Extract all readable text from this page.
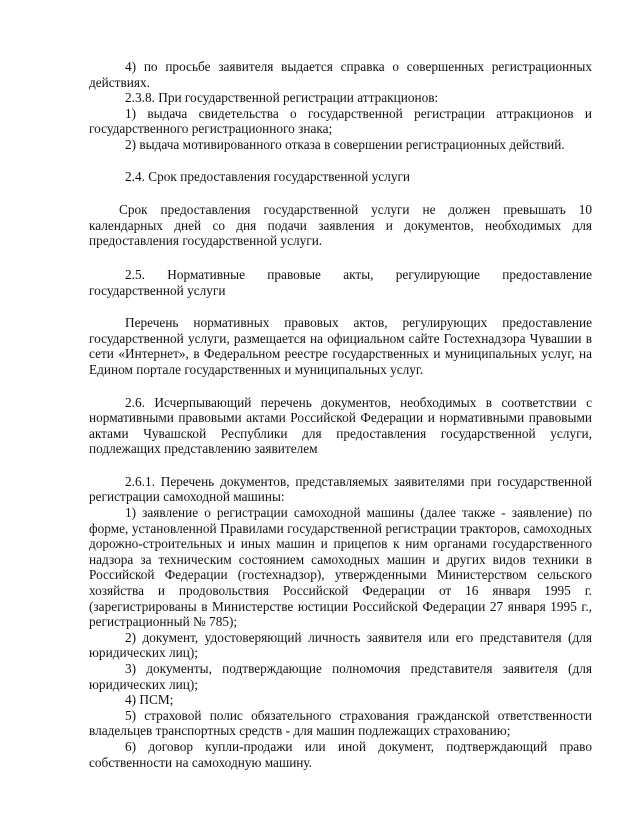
4) по просьбе заявителя выдается справка о совершенных регистрационных действиях.

2.3.8. При государственной регистрации аттракционов:

1) выдача свидетельства о государственной регистрации аттракционов и государственного регистрационного знака;

2) выдача мотивированного отказа в совершении регистрационных действий.

2.4. Срок предоставления государственной услуги

Срок предоставления государственной услуги не должен превышать 10 календарных дней со дня подачи заявления и документов, необходимых для предоставления государственной услуги.

2.5. Нормативные правовые акты, регулирующие предоставление государственной услуги

Перечень нормативных правовых актов, регулирующих предоставление государственной услуги, размещается на официальном сайте Гостехнадзора Чувашии в сети «Интернет», в Федеральном реестре государственных и муниципальных услуг, на Едином портале государственных и муниципальных услуг.

2.6. Исчерпывающий перечень документов, необходимых в соответствии с нормативными правовыми актами Российской Федерации и нормативными правовыми актами Чувашской Республики для предоставления государственной услуги, подлежащих представлению заявителем

2.6.1. Перечень документов, представляемых заявителями при государственной регистрации самоходной машины:

1) заявление о регистрации самоходной машины (далее также - заявление) по форме, установленной Правилами государственной регистрации тракторов, самоходных дорожно-строительных и иных машин и прицепов к ним органами государственного надзора за техническим состоянием самоходных машин и других видов техники в Российской Федерации (гостехнадзор), утвержденными Министерством сельского хозяйства и продовольствия Российской Федерации от 16 января 1995 г. (зарегистрированы в Министерстве юстиции Российской Федерации 27 января 1995 г., регистрационный № 785);

2) документ, удостоверяющий личность заявителя или его представителя (для юридических лиц);

3) документы, подтверждающие полномочия представителя заявителя (для юридических лиц);

4) ПСМ;

5) страховой полис обязательного страхования гражданской ответственности владельцев транспортных средств - для машин подлежащих страхованию;

6) договор купли-продажи или иной документ, подтверждающий право собственности на самоходную машину.
